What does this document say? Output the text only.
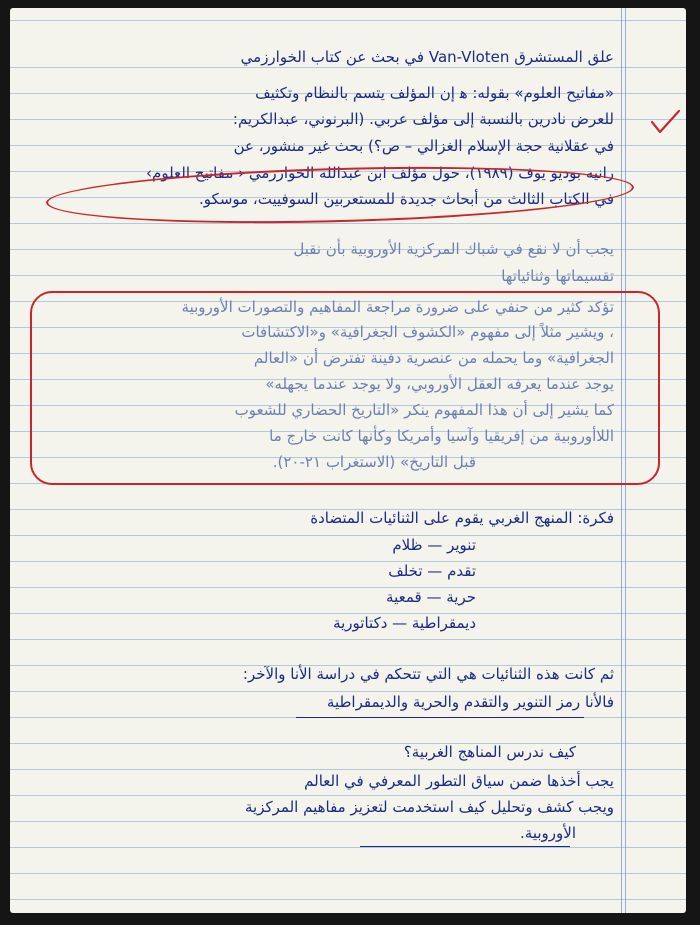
علق المستشرق Van-Vloten في بحث عن كتاب الخوارزمي
«مفاتيح العلوم» بقوله: ﻫ إن المؤلف يتسم بالنظام وتكثيف
للعرض نادرين بالنسبة إلى مؤلف عربي. (البرنوني، عبدالكريم:
في عقلانية حجة الإسلام الغزالي – ص؟) بحث غير منشور، عن
رانيه بوديو يوف (١٩٨٩)، حول مؤلف ابن عبدالله الخوارزمي ‹ مفاتيح العلوم›
في الكتاب الثالث من أبحاث جديدة للمستعربين السوفييت، موسكو.
يجب أن لا نقع في شباك المركزية الأوروبية بأن نقبل
تقسيماتها وثنائياتها
تؤكد كثير من حنفي على ضرورة مراجعة المفاهيم والتصورات الأوروبية
، ويشير مثلاً إلى مفهوم «الكشوف الجغرافية» و«الاكتشافات
الجغرافية» وما يحمله من عنصرية دفينة تفترض أن «العالم
يوجد عندما يعرفه العقل الأوروبي، ولا يوجد عندما يجهله»
كما يشير إلى أن هذا المفهوم ينكر «التاريخ الحضاري للشعوب
اللاأوروبية من إفريقيا وآسيا وأمريكا وكأنها كانت خارج ما
قبل التاريخ» (الاستغراب ٢١-٢٠).
فكرة: المنهج الغربي يقوم على الثنائيات المتضادة
تنوير — ظلام
تقدم — تخلف
حرية — قمعية
ديمقراطية — دكتاتورية
ثم كانت هذه الثنائيات هي التي تتحكم في دراسة الأنا والآخر:
فالأنا رمز التنوير والتقدم والحرية والديمقراطية
كيف ندرس المناهج الغربية؟
يجب أخذها ضمن سياق التطور المعرفي في العالم
ويجب كشف وتحليل كيف استخدمت لتعزيز مفاهيم المركزية
الأوروبية.
